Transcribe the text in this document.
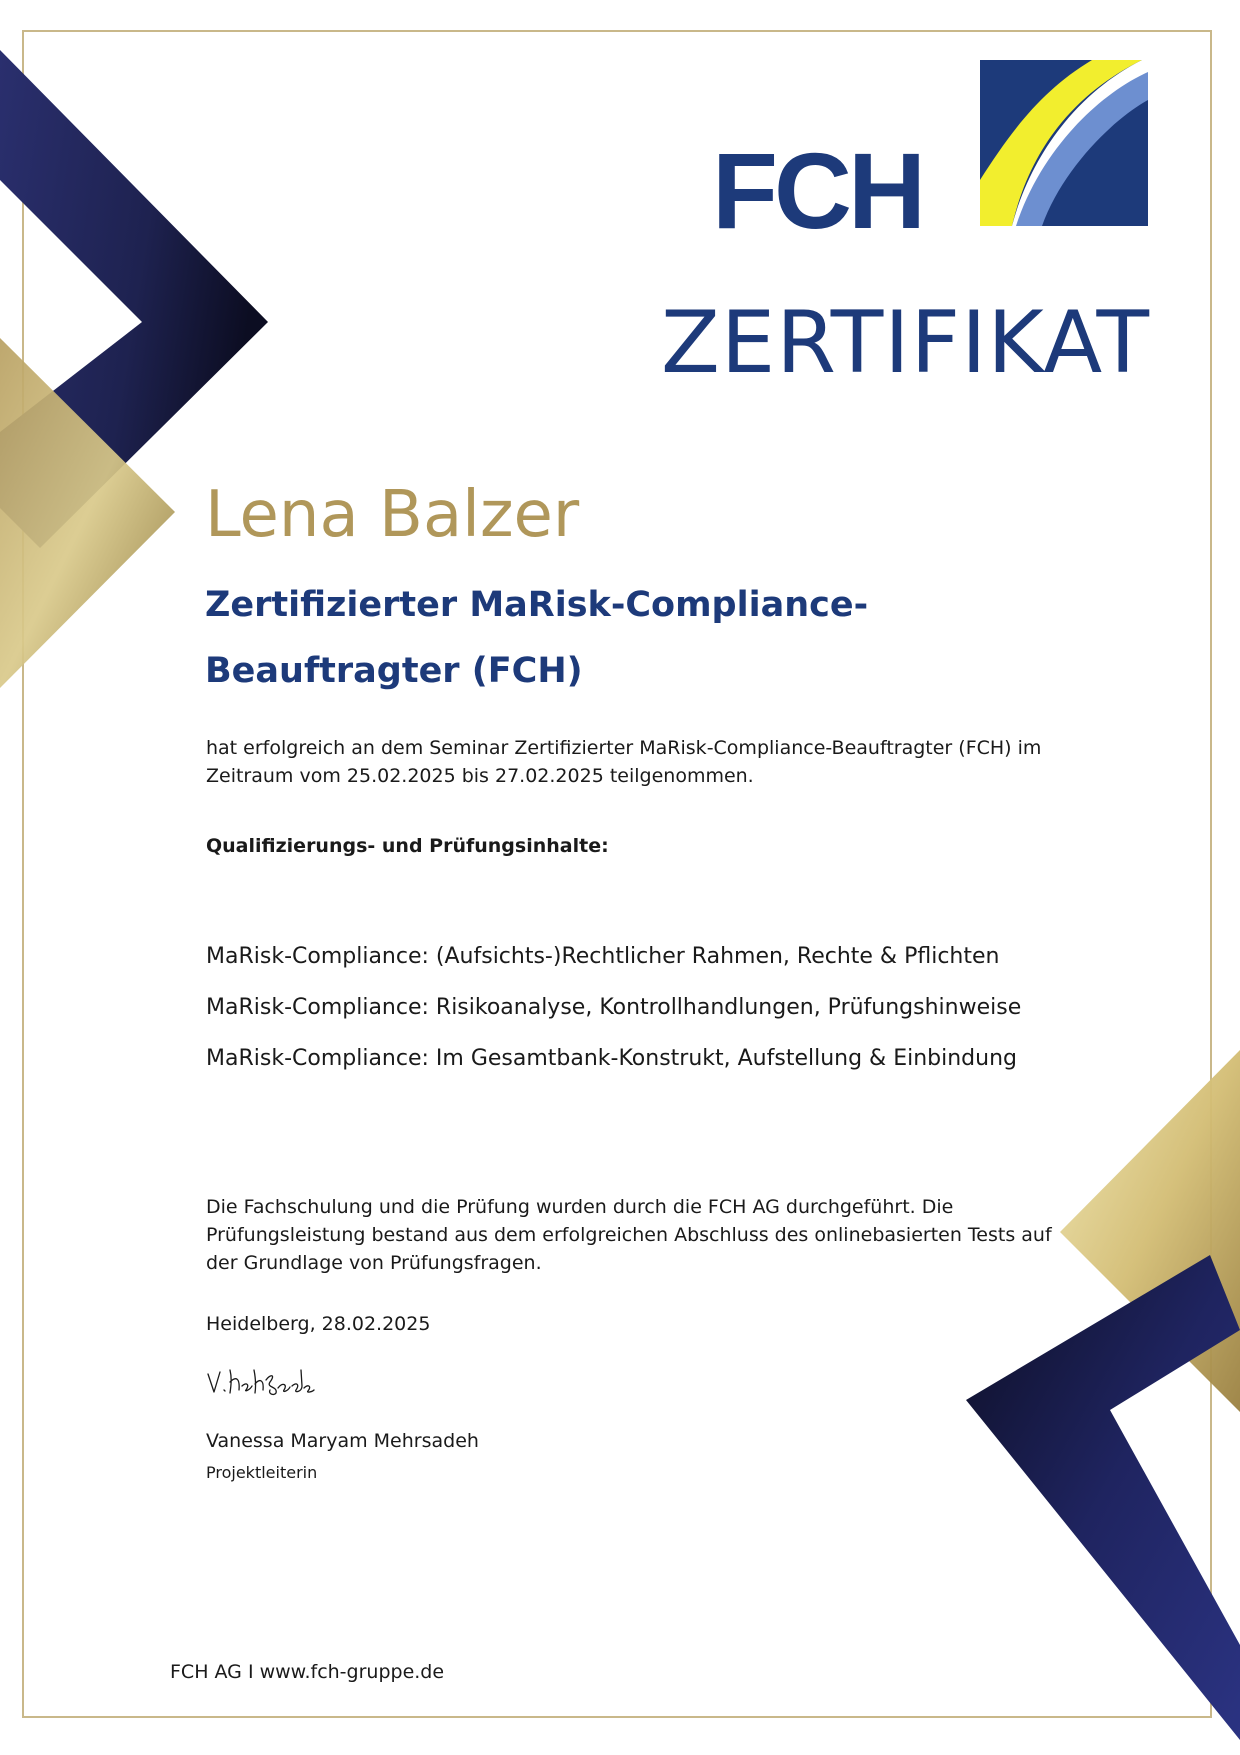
FCH
ZERTIFIKAT
Lena Balzer
Zertifizierter MaRisk-Compliance-
Beauftragter (FCH)
hat erfolgreich an dem Seminar Zertifizierter MaRisk-Compliance-Beauftragter (FCH) im
Zeitraum vom 25.02.2025 bis 27.02.2025 teilgenommen.
Qualifizierungs- und Prüfungsinhalte:
MaRisk-Compliance: (Aufsichts-)Rechtlicher Rahmen, Rechte & Pflichten
MaRisk-Compliance: Risikoanalyse, Kontrollhandlungen, Prüfungshinweise
MaRisk-Compliance: Im Gesamtbank-Konstrukt, Aufstellung & Einbindung
Die Fachschulung und die Prüfung wurden durch die FCH AG durchgeführt. Die
Prüfungsleistung bestand aus dem erfolgreichen Abschluss des onlinebasierten Tests auf
der Grundlage von Prüfungsfragen.
Heidelberg, 28.02.2025
Vanessa Maryam Mehrsadeh
Projektleiterin
FCH AG I www.fch-gruppe.de
